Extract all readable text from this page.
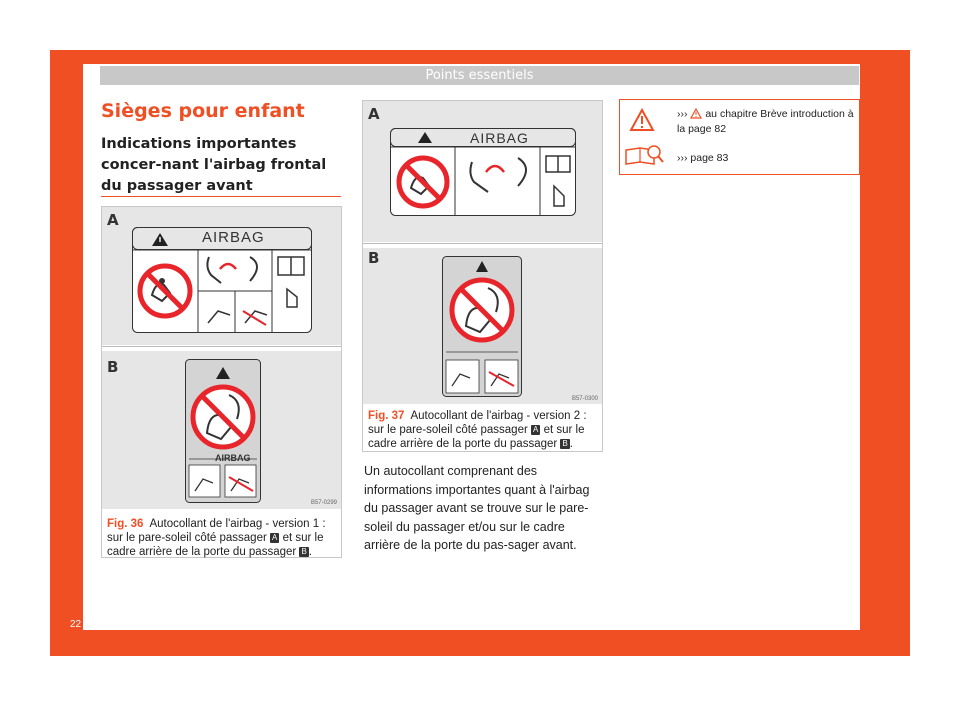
Points essentiels
Sièges pour enfant
Indications importantes concer-nant l'airbag frontal du passager avant
A
B
AIRBAG
AIRBAG
B57-0299
Fig. 36 Autocollant de l'airbag - version 1 : sur le pare-soleil côté passager A et sur le cadre arrière de la porte du passager B .
A
B
AIRBAG
B57-0300
Fig. 37 Autocollant de l'airbag - version 2 : sur le pare-soleil côté passager A et sur le cadre arrière de la porte du passager B .

Un autocollant comprenant des informations importantes quant à l'airbag du passager avant se trouve sur le pare-soleil du passager et/ou sur le cadre arrière de la porte du pas-sager avant.

››› au chapitre Brève introduction à la page 82
››› page 83
22
